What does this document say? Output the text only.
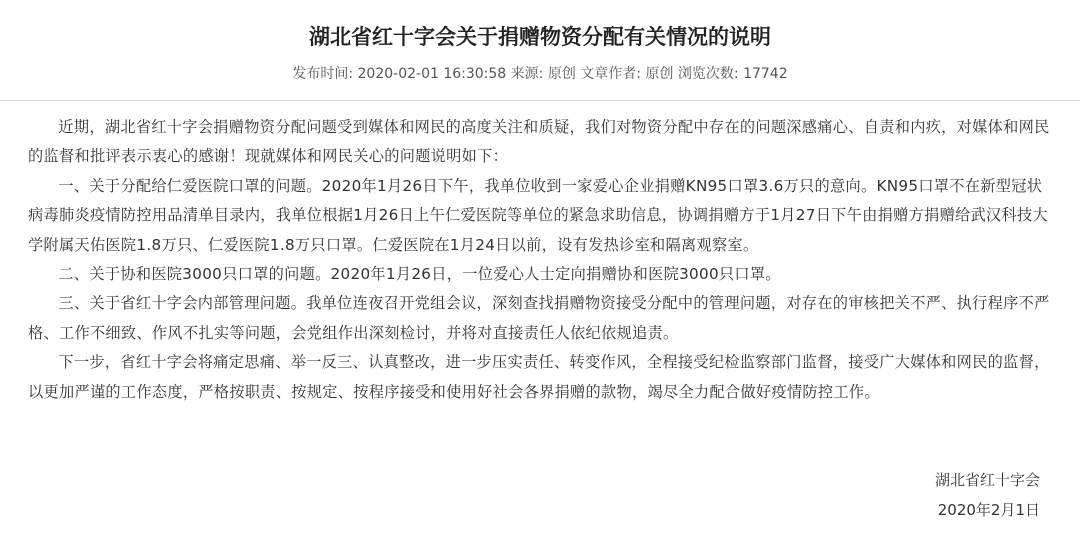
湖北省红十字会关于捐赠物资分配有关情况的说明
发布时间: 2020-02-01 16:30:58 来源: 原创 文章作者: 原创 浏览次数: 17742

近期，湖北省红十字会捐赠物资分配问题受到媒体和网民的高度关注和质疑，我们对物资分配中存在的问题深感痛心、自责和内疚，对媒体和网民的监督和批评表示衷心的感谢！现就媒体和网民关心的问题说明如下：

一、关于分配给仁爱医院口罩的问题。2020年1月26日下午，我单位收到一家爱心企业捐赠KN95口罩3.6万只的意向。KN95口罩不在新型冠状病毒肺炎疫情防控用品清单目录内，我单位根据1月26日上午仁爱医院等单位的紧急求助信息，协调捐赠方于1月27日下午由捐赠方捐赠给武汉科技大学附属天佑医院1.8万只、仁爱医院1.8万只口罩。仁爱医院在1月24日以前，设有发热诊室和隔离观察室。

二、关于协和医院3000只口罩的问题。2020年1月26日，一位爱心人士定向捐赠协和医院3000只口罩。

三、关于省红十字会内部管理问题。我单位连夜召开党组会议，深刻查找捐赠物资接受分配中的管理问题，对存在的审核把关不严、执行程序不严格、工作不细致、作风不扎实等问题，会党组作出深刻检讨，并将对直接责任人依纪依规追责。

下一步，省红十字会将痛定思痛、举一反三、认真整改，进一步压实责任、转变作风，全程接受纪检监察部门监督，接受广大媒体和网民的监督，以更加严谨的工作态度，严格按职责、按规定、按程序接受和使用好社会各界捐赠的款物，竭尽全力配合做好疫情防控工作。

湖北省红十字会
2020年2月1日
